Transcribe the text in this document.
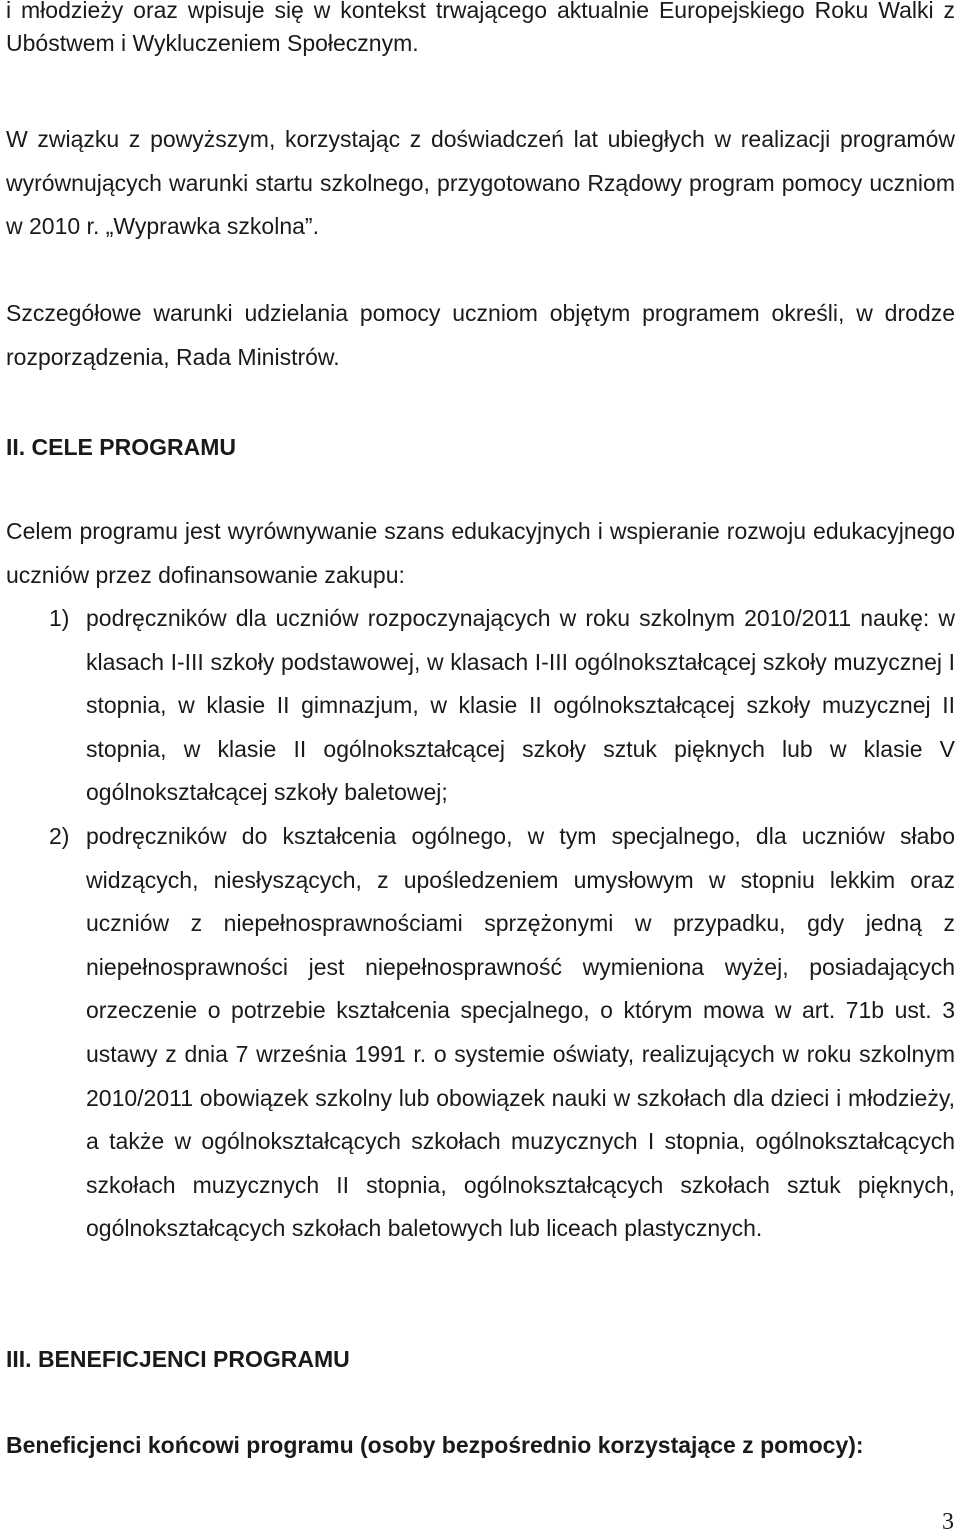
i młodzieży oraz wpisuje się w kontekst trwającego aktualnie Europejskiego Roku Walki z Ubóstwem i Wykluczeniem Społecznym.
W związku z powyższym, korzystając z doświadczeń lat ubiegłych w realizacji programów wyrównujących warunki startu szkolnego, przygotowano Rządowy program pomocy uczniom w 2010 r. „Wyprawka szkolna”.
Szczegółowe warunki udzielania pomocy uczniom objętym programem określi, w drodze rozporządzenia, Rada Ministrów.
II. CELE PROGRAMU
Celem programu jest wyrównywanie szans edukacyjnych i wspieranie rozwoju edukacyjnego uczniów przez dofinansowanie zakupu:
1) podręczników dla uczniów rozpoczynających w roku szkolnym 2010/2011 naukę: w klasach I-III szkoły podstawowej, w klasach I-III ogólnokształcącej szkoły muzycznej I stopnia, w klasie II gimnazjum, w klasie II ogólnokształcącej szkoły muzycznej II stopnia, w klasie II ogólnokształcącej szkoły sztuk pięknych lub w klasie V ogólnokształcącej szkoły baletowej;
2) podręczników do kształcenia ogólnego, w tym specjalnego, dla uczniów słabo widzących, niesłyszących, z upośledzeniem umysłowym w stopniu lekkim oraz uczniów z niepełnosprawnościami sprzężonymi w przypadku, gdy jedną z niepełnosprawności jest niepełnosprawność wymieniona wyżej, posiadających orzeczenie o potrzebie kształcenia specjalnego, o którym mowa w art. 71b ust. 3 ustawy z dnia 7 września 1991 r. o systemie oświaty, realizujących w roku szkolnym 2010/2011 obowiązek szkolny lub obowiązek nauki w szkołach dla dzieci i młodzieży, a także w ogólnokształcących szkołach muzycznych I stopnia, ogólnokształcących szkołach muzycznych II stopnia, ogólnokształcących szkołach sztuk pięknych, ogólnokształcących szkołach baletowych lub liceach plastycznych.
III. BENEFICJENCI PROGRAMU
Beneficjenci końcowi programu (osoby bezpośrednio korzystające z pomocy):
3
